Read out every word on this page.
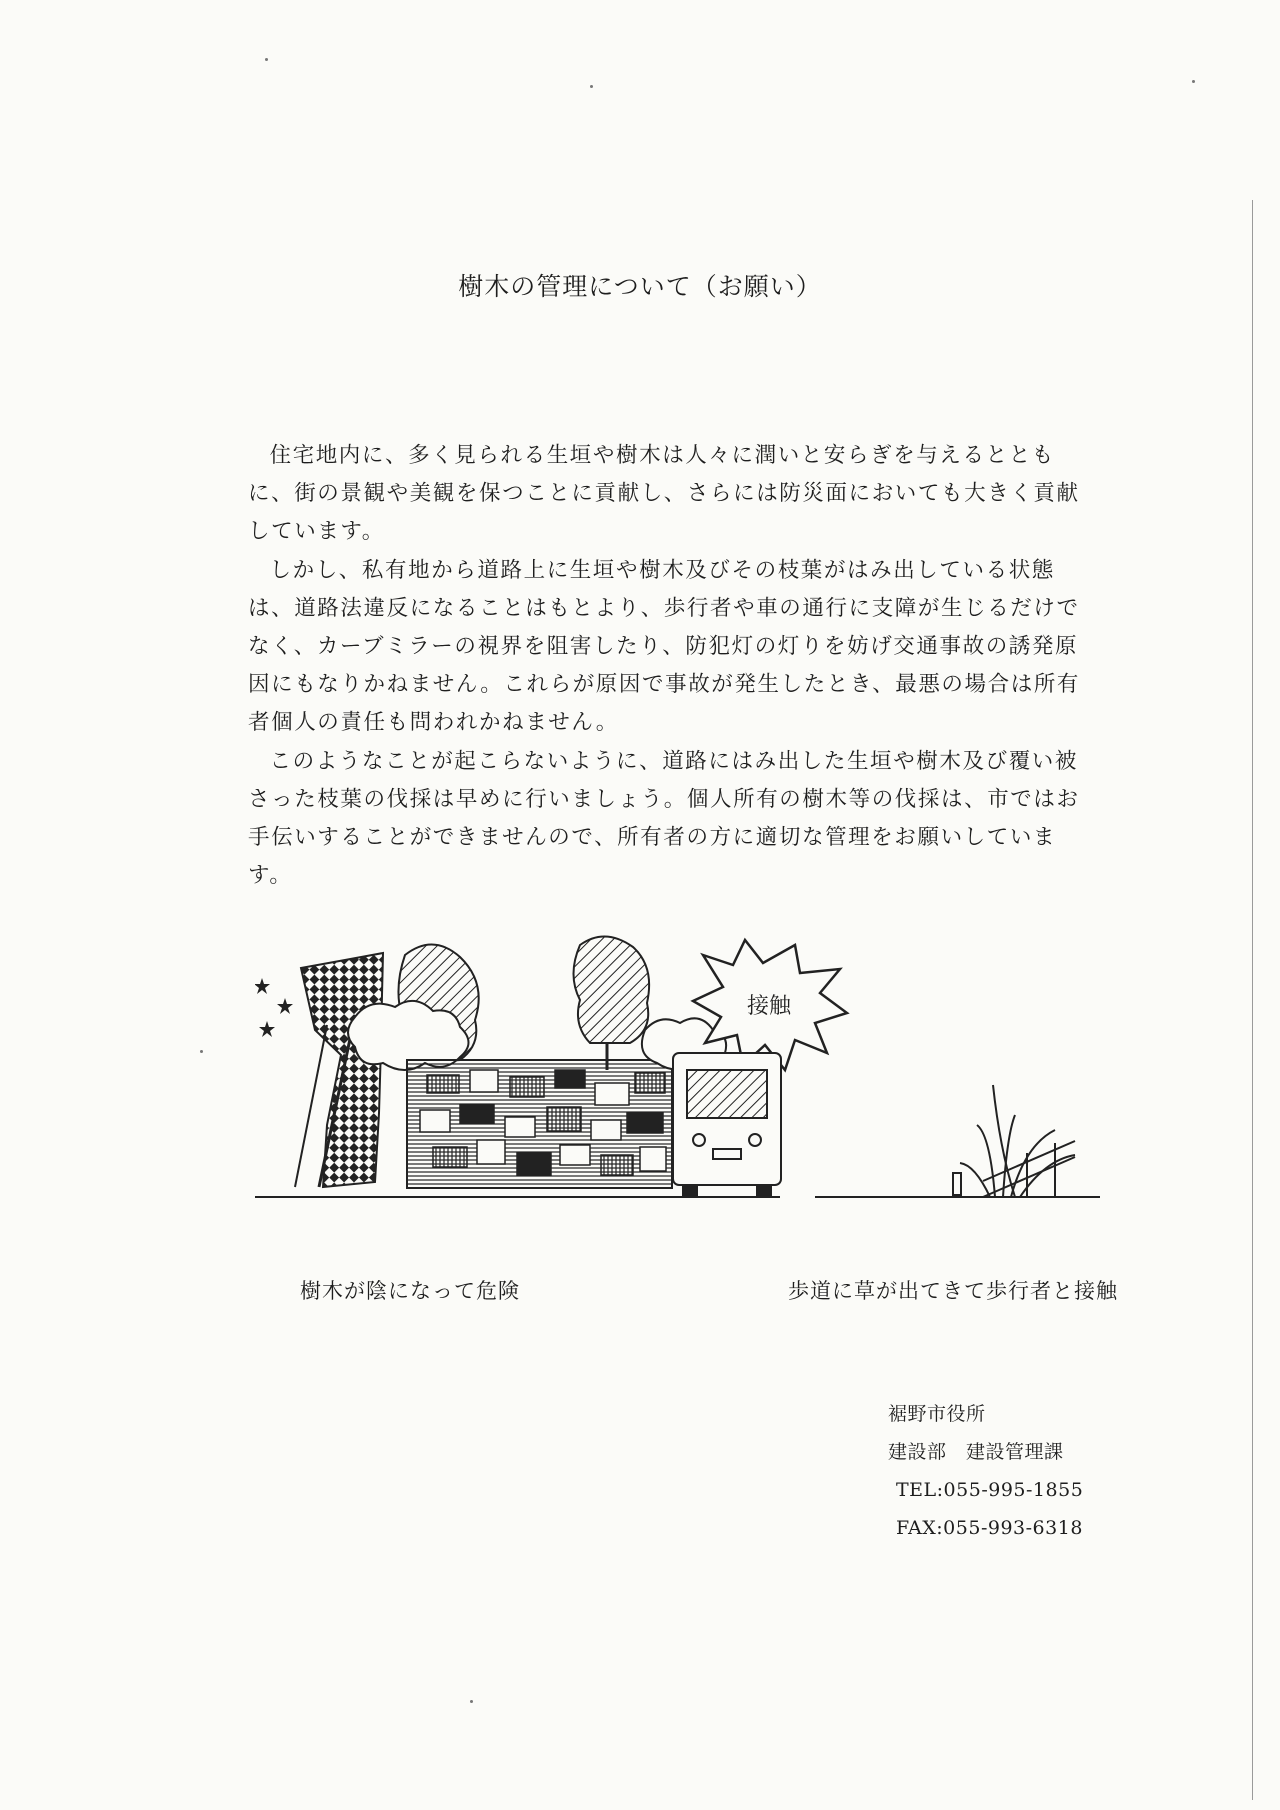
樹木の管理について（お願い）

住宅地内に、多く見られる生垣や樹木は人々に潤いと安らぎを与えるとともに、街の景観や美観を保つことに貢献し、さらには防災面においても大きく貢献しています。

しかし、私有地から道路上に生垣や樹木及びその枝葉がはみ出している状態は、道路法違反になることはもとより、歩行者や車の通行に支障が生じるだけでなく、カーブミラーの視界を阻害したり、防犯灯の灯りを妨げ交通事故の誘発原因にもなりかねません。これらが原因で事故が発生したとき、最悪の場合は所有者個人の責任も問われかねません。

このようなことが起こらないように、道路にはみ出した生垣や樹木及び覆い被さった枝葉の伐採は早めに行いましょう。個人所有の樹木等の伐採は、市ではお手伝いすることができませんので、所有者の方に適切な管理をお願いしています。

接触
樹木が陰になって危険	歩道に草が出てきて歩行者と接触
裾野市役所
建設部　建設管理課
TEL:055-995-1855
FAX:055-993-6318
